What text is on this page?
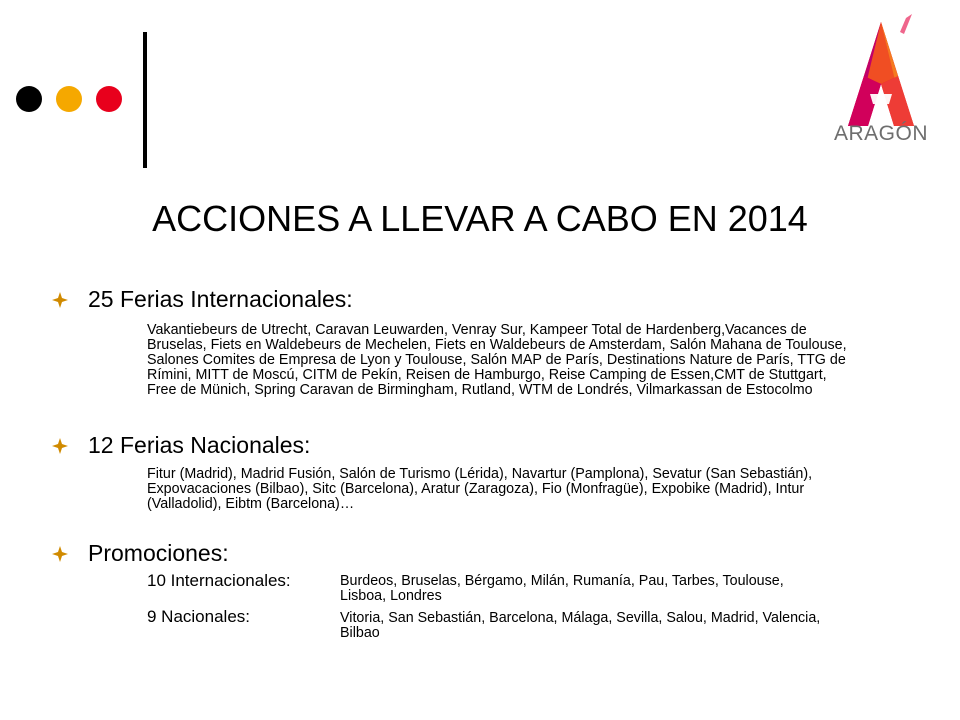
ARAGÓN
ACCIONES A LLEVAR A CABO EN 2014
25 Ferias Internacionales:
Vakantiebeurs de Utrecht, Caravan Leuwarden, Venray Sur, Kampeer Total de Hardenberg,Vacances de
Bruselas, Fiets en Waldebeurs de Mechelen, Fiets en Waldebeurs de Amsterdam, Salón Mahana de Toulouse,
Salones Comites de Empresa de Lyon y Toulouse, Salón MAP de París, Destinations Nature de París, TTG de
Rímini, MITT de Moscú, CITM de Pekín, Reisen de Hamburgo, Reise Camping de Essen,CMT de Stuttgart,
Free de Münich, Spring Caravan de Birmingham, Rutland, WTM de Londrés, Vilmarkassan de Estocolmo
12 Ferias Nacionales:
Fitur (Madrid), Madrid Fusión, Salón de Turismo (Lérida), Navartur (Pamplona), Sevatur (San Sebastián),
Expovacaciones (Bilbao), Sitc (Barcelona), Aratur (Zaragoza), Fio (Monfragüe), Expobike (Madrid), Intur
(Valladolid), Eibtm (Barcelona)…
Promociones:
10 Internacionales:	Burdeos, Bruselas, Bérgamo, Milán, Rumanía, Pau, Tarbes, Toulouse,
Lisboa, Londres
9 Nacionales:	Vitoria, San Sebastián, Barcelona, Málaga, Sevilla, Salou, Madrid, Valencia,
Bilbao
